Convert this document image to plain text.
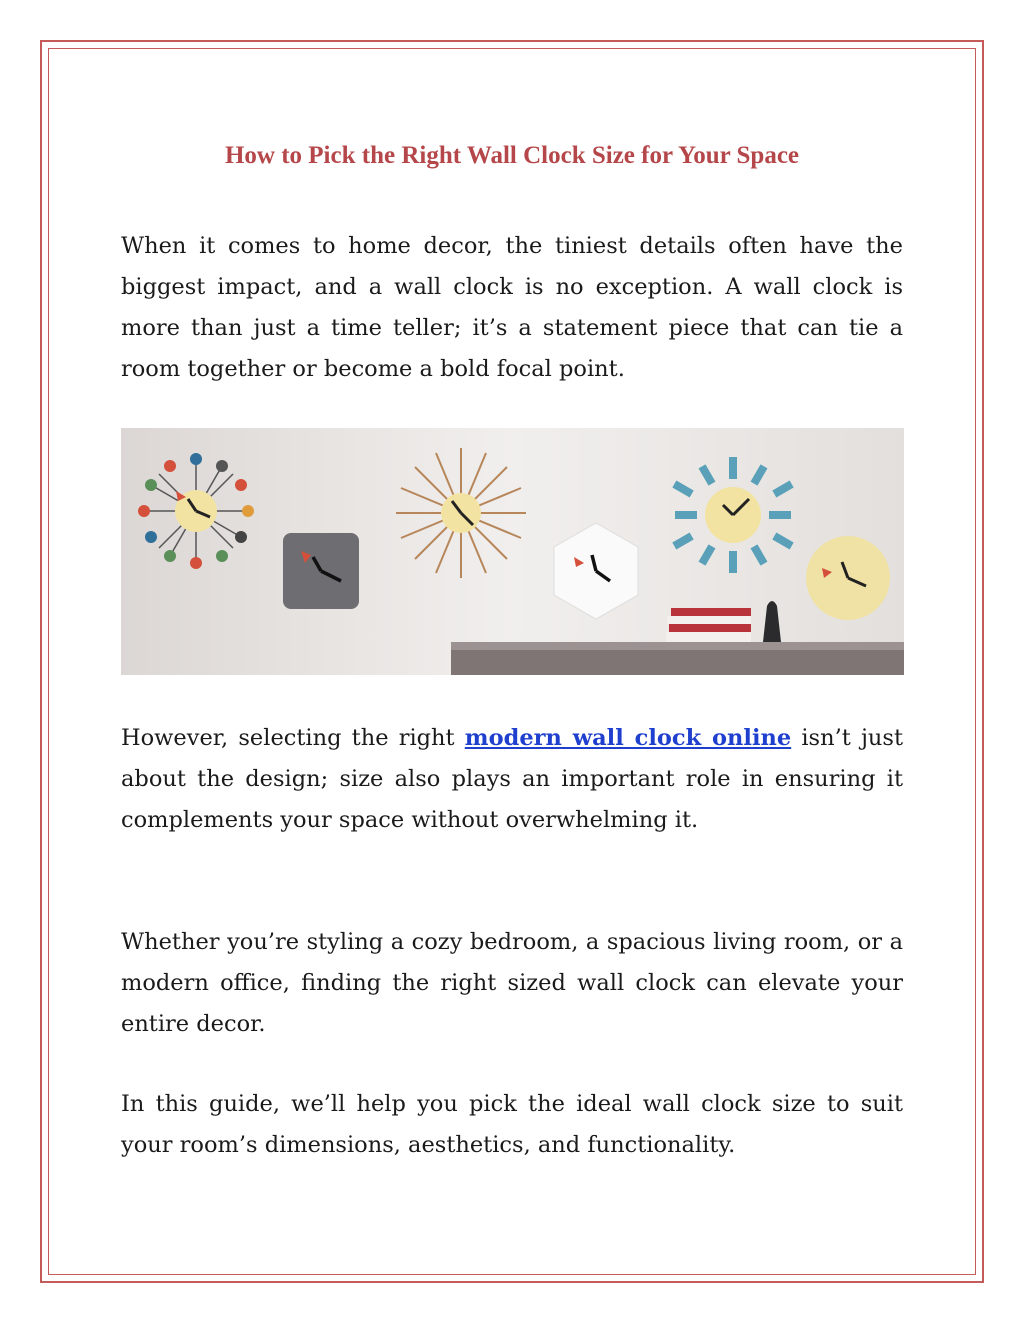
How to Pick the Right Wall Clock Size for Your Space

When it comes to home decor, the tiniest details often have the biggest impact, and a wall clock is no exception. A wall clock is more than just a time teller; it’s a statement piece that can tie a room together or become a bold focal point.

However, selecting the right modern wall clock online isn’t just about the design; size also plays an important role in ensuring it complements your space without overwhelming it.

Whether you’re styling a cozy bedroom, a spacious living room, or a modern office, finding the right sized wall clock can elevate your entire decor.

In this guide, we’ll help you pick the ideal wall clock size to suit your room’s dimensions, aesthetics, and functionality.
